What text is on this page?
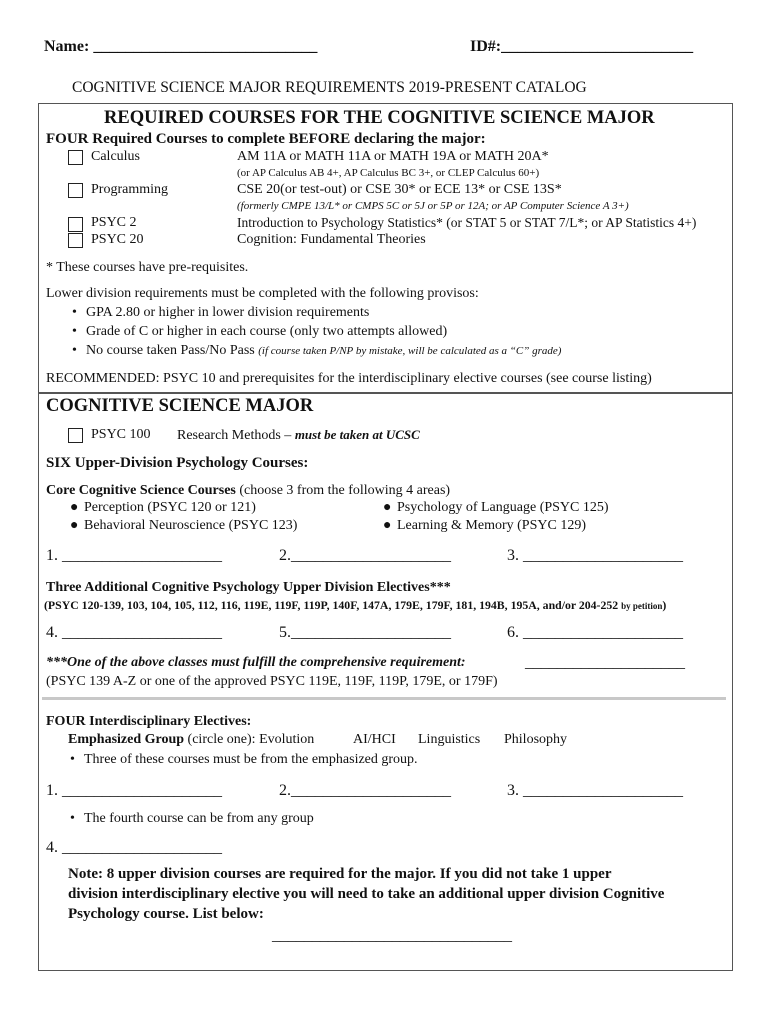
Name: ____________________________	ID#:________________________
COGNITIVE SCIENCE MAJOR REQUIREMENTS 2019-PRESENT CATALOG
REQUIRED COURSES FOR THE COGNITIVE SCIENCE MAJOR
FOUR Required Courses to complete BEFORE declaring the major:
Calculus	AM 11A or MATH 11A or MATH 19A or MATH 20A*
(or AP Calculus AB 4+, AP Calculus BC 3+, or CLEP Calculus 60+)
Programming	CSE 20(or test-out) or CSE 30* or ECE 13* or CSE 13S*
(formerly CMPE 13/L* or CMPS 5C or 5J or 5P or 12A; or AP Computer Science A 3+)
PSYC 2	Introduction to Psychology Statistics* (or STAT 5 or STAT 7/L*; or AP Statistics 4+)
PSYC 20	Cognition: Fundamental Theories
* These courses have pre-requisites.
Lower division requirements must be completed with the following provisos:
• GPA 2.80 or higher in lower division requirements
• Grade of C or higher in each course (only two attempts allowed)
• No course taken Pass/No Pass (if course taken P/NP by mistake, will be calculated as a “C” grade)
RECOMMENDED: PSYC 10 and prerequisites for the interdisciplinary elective courses (see course listing)
COGNITIVE SCIENCE MAJOR
PSYC 100 Research Methods – must be taken at UCSC
SIX Upper-Division Psychology Courses:
Core Cognitive Science Courses (choose 3 from the following 4 areas)
● Perception (PSYC 120 or 121)	● Psychology of Language (PSYC 125)
● Behavioral Neuroscience (PSYC 123)	● Learning & Memory (PSYC 129)
1. ____________________	2.____________________	3. ____________________
Three Additional Cognitive Psychology Upper Division Electives***
(PSYC 120-139, 103, 104, 105, 112, 116, 119E, 119F, 119P, 140F, 147A, 179E, 179F, 181, 194B, 195A, and/or 204-252 by petition)
4. ____________________	5.____________________	6. ____________________
***One of the above classes must fulfill the comprehensive requirement:	____________________
(PSYC 139 A-Z or one of the approved PSYC 119E, 119F, 119P, 179E, or 179F)
FOUR Interdisciplinary Electives:
Emphasized Group (circle one): Evolution	AI/HCI Linguistics Philosophy
• Three of these courses must be from the emphasized group.
1. ____________________	2.____________________	3. ____________________
• The fourth course can be from any group
4. ____________________
Note: 8 upper division courses are required for the major. If you did not take 1 upper
division interdisciplinary elective you will need to take an additional upper division Cognitive
Psychology course. List below:
______________________________
